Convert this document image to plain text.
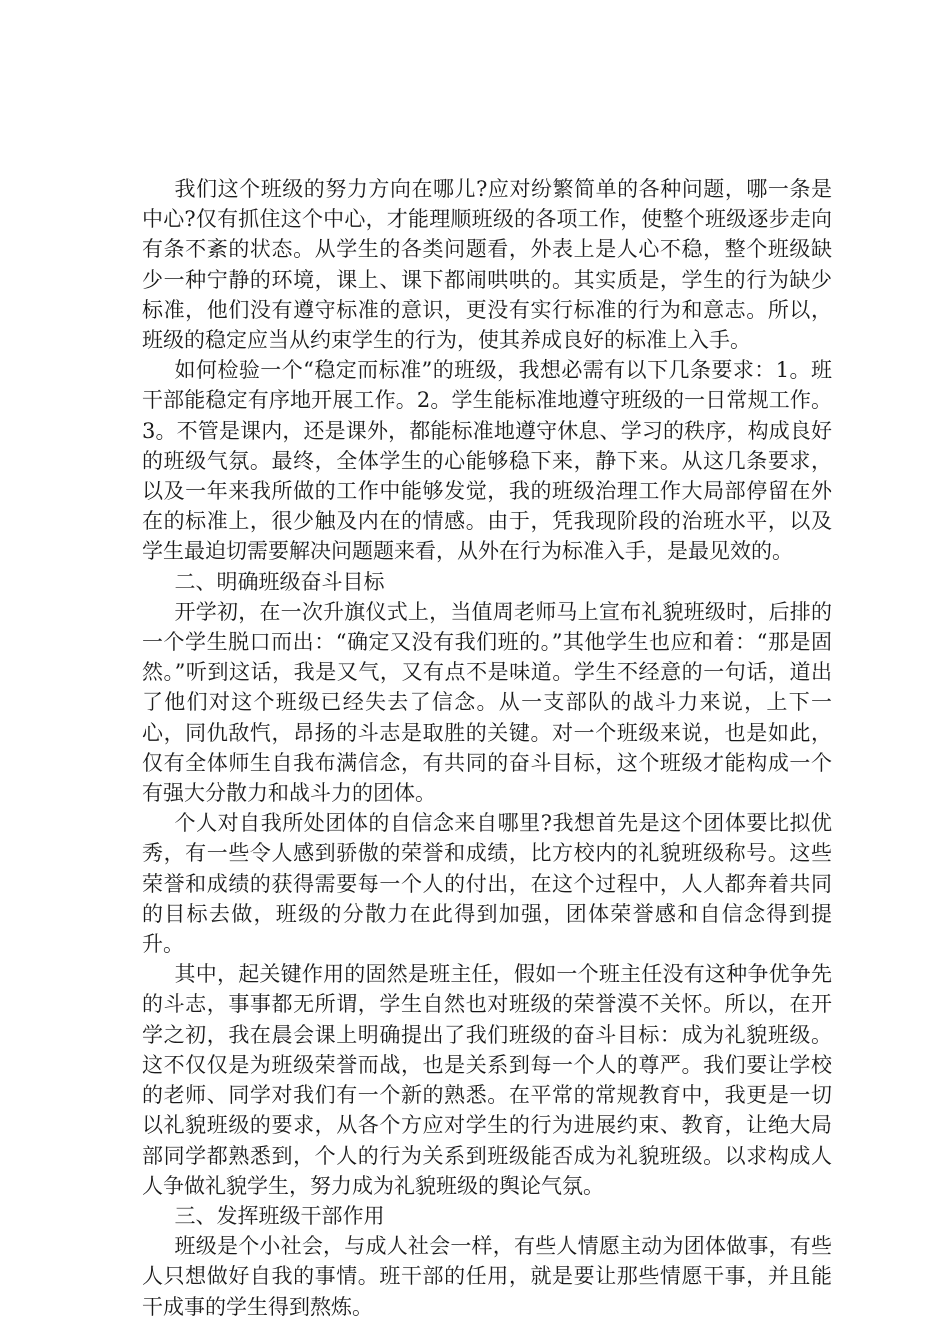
我们这个班级的努力方向在哪儿?应对纷繁简单的各种问题，哪一条是中心?仅有抓住这个中心，才能理顺班级的各项工作，使整个班级逐步走向有条不紊的状态。从学生的各类问题看，外表上是人心不稳，整个班级缺少一种宁静的环境，课上、课下都闹哄哄的。其实质是，学生的行为缺少标准，他们没有遵守标准的意识，更没有实行标准的行为和意志。所以，班级的稳定应当从约束学生的行为，使其养成良好的标准上入手。

如何检验一个“稳定而标准”的班级，我想必需有以下几条要求：1。班干部能稳定有序地开展工作。2。学生能标准地遵守班级的一日常规工作。3。不管是课内，还是课外，都能标准地遵守休息、学习的秩序，构成良好的班级气氛。最终，全体学生的心能够稳下来，静下来。从这几条要求，以及一年来我所做的工作中能够发觉，我的班级治理工作大局部停留在外在的标准上，很少触及内在的情感。由于，凭我现阶段的治班水平，以及学生最迫切需要解决问题题来看，从外在行为标准入手，是最见效的。

二、明确班级奋斗目标

开学初，在一次升旗仪式上，当值周老师马上宣布礼貌班级时，后排的一个学生脱口而出：“确定又没有我们班的。”其他学生也应和着：“那是固然。”听到这话，我是又气，又有点不是味道。学生不经意的一句话，道出了他们对这个班级已经失去了信念。从一支部队的战斗力来说，上下一心，同仇敌忾，昂扬的斗志是取胜的关键。对一个班级来说，也是如此，仅有全体师生自我布满信念，有共同的奋斗目标，这个班级才能构成一个有强大分散力和战斗力的团体。

个人对自我所处团体的自信念来自哪里?我想首先是这个团体要比拟优秀，有一些令人感到骄傲的荣誉和成绩，比方校内的礼貌班级称号。这些荣誉和成绩的获得需要每一个人的付出，在这个过程中，人人都奔着共同的目标去做，班级的分散力在此得到加强，团体荣誉感和自信念得到提升。

其中，起关键作用的固然是班主任，假如一个班主任没有这种争优争先的斗志，事事都无所谓，学生自然也对班级的荣誉漠不关怀。所以，在开学之初，我在晨会课上明确提出了我们班级的奋斗目标：成为礼貌班级。这不仅仅是为班级荣誉而战，也是关系到每一个人的尊严。我们要让学校的老师、同学对我们有一个新的熟悉。在平常的常规教育中，我更是一切以礼貌班级的要求，从各个方应对学生的行为进展约束、教育，让绝大局部同学都熟悉到，个人的行为关系到班级能否成为礼貌班级。以求构成人人争做礼貌学生，努力成为礼貌班级的舆论气氛。

三、发挥班级干部作用

班级是个小社会，与成人社会一样，有些人情愿主动为团体做事，有些人只想做好自我的事情。班干部的任用，就是要让那些情愿干事，并且能干成事的学生得到熬炼。
